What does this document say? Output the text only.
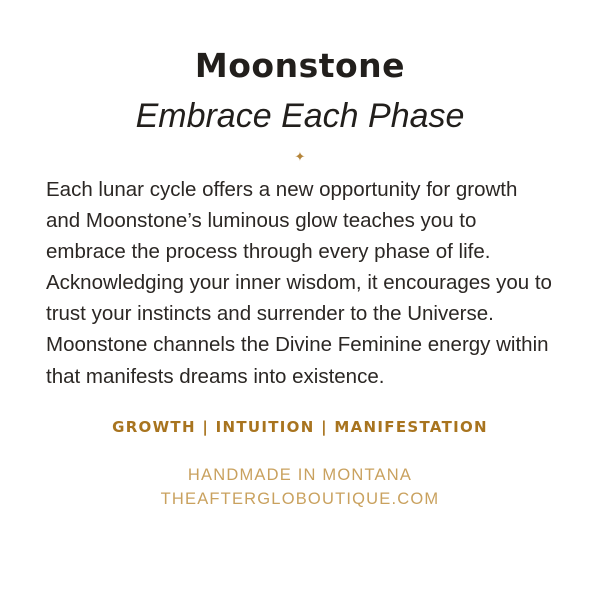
Moonstone
Embrace Each Phase
✦
Each lunar cycle offers a new opportunity for growth and Moonstone’s luminous glow teaches you to embrace the process through every phase of life. Acknowledging your inner wisdom, it encourages you to trust your instincts and surrender to the Universe. Moonstone channels the Divine Feminine energy within that manifests dreams into existence.
GROWTH | INTUITION | MANIFESTATION
HANDMADE IN MONTANA
THEAFTERGLOBOUTIQUE.COM
